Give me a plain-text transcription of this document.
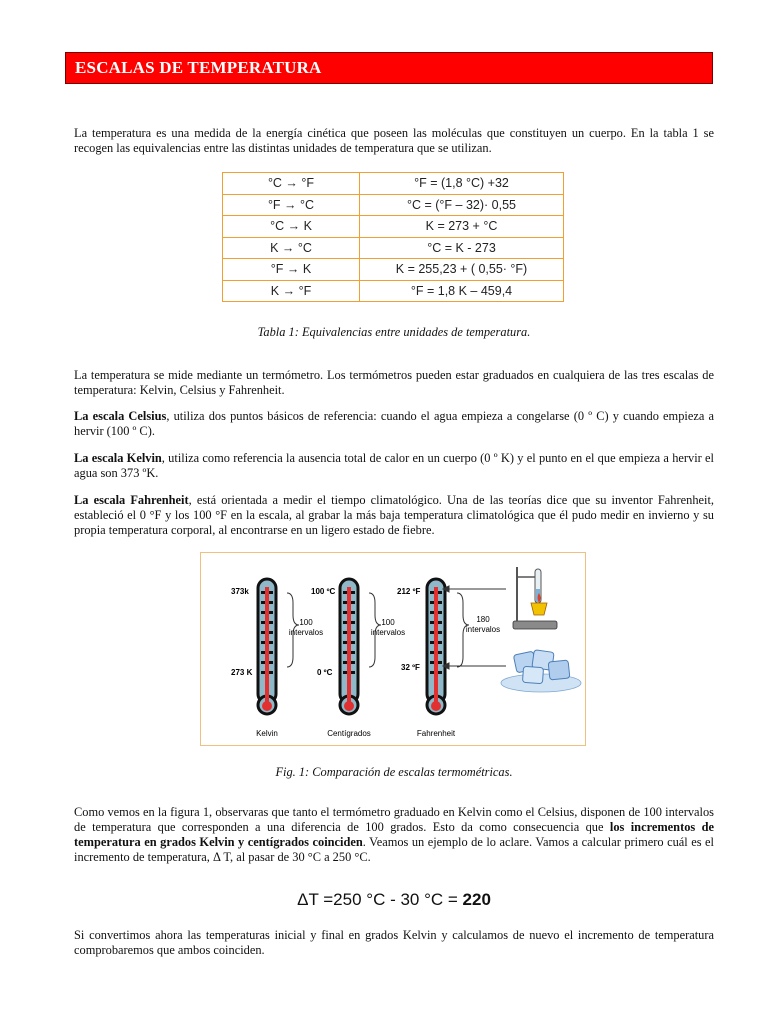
ESCALAS DE TEMPERATURA

La temperatura es una medida de la energía cinética que poseen las moléculas que constituyen un cuerpo. En la tabla 1 se recogen las equivalencias entre las distintas unidades de temperatura que se utilizan.

°C → °F	°F = (1,8 °C) +32
°F → °C	°C = (°F – 32)· 0,55
°C → K	K = 273 + °C
K → °C	°C = K - 273
°F → K	K = 255,23 + ( 0,55· °F)
K → °F	°F = 1,8 K – 459,4
Tabla 1: Equivalencias entre unidades de temperatura.

La temperatura se mide mediante un termómetro. Los termómetros pueden estar graduados en cualquiera de las tres escalas de temperatura: Kelvin, Celsius y Fahrenheit.

La escala Celsius, utiliza dos puntos básicos de referencia: cuando el agua empieza a congelarse (0 º C) y cuando empieza a hervir (100 º C).

La escala Kelvin, utiliza como referencia la ausencia total de calor en un cuerpo (0 º K) y el punto en el que empieza a hervir el agua son 373 ºK.

La escala Fahrenheit, está orientada a medir el tiempo climatológico. Una de las teorías dice que su inventor Fahrenheit, estableció el 0 °F y los 100 °F en la escala, al grabar la más baja temperatura climatológica que él pudo medir en invierno y su propia temperatura corporal, al encontrarse en un ligero estado de fiebre.

373k
273 K
100
intervalos
Kelvin
100 ºC
0 ºC
100
intervalos
Centígrados
212 ºF
32 ºF
180
intervalos
Fahrenheit
Fig. 1: Comparación de escalas termométricas.

Como vemos en la figura 1, observaras que tanto el termómetro graduado en Kelvin como el Celsius, disponen de 100 intervalos de temperatura que corresponden a una diferencia de 100 grados. Esto da como consecuencia que los incrementos de temperatura en grados Kelvin y centígrados coinciden. Veamos un ejemplo de lo aclare. Vamos a calcular primero cuál es el incremento de temperatura, Δ T, al pasar de 30 °C a 250 °C.

ΔT =250 °C - 30 °C = 220

Si convertimos ahora las temperaturas inicial y final en grados Kelvin y calculamos de nuevo el incremento de temperatura comprobaremos que ambos coinciden.
